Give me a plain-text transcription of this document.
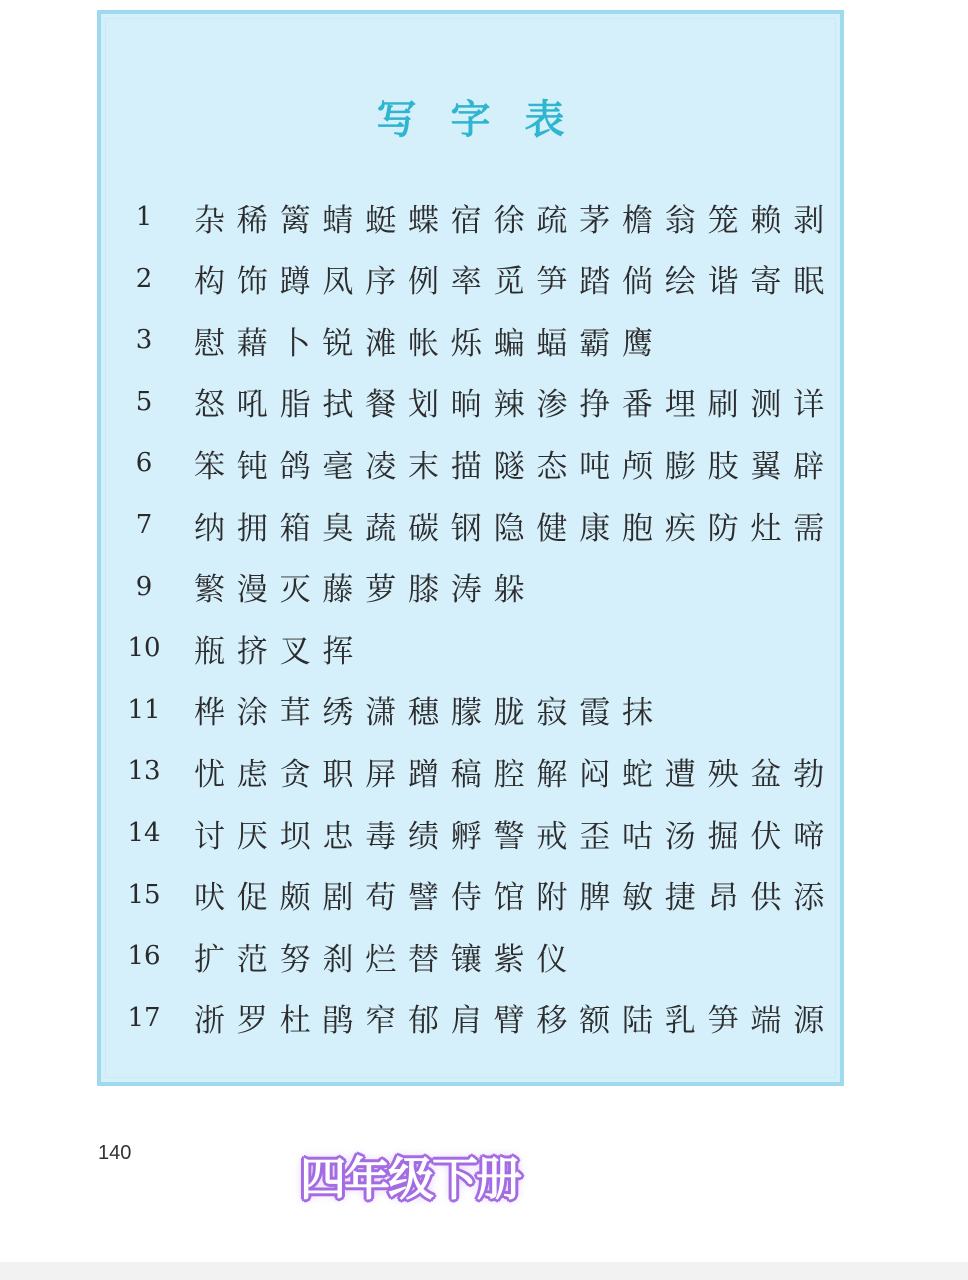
写字表
1	杂稀篱蜻蜓蝶宿徐疏茅檐翁笼赖剥
2	构饰蹲凤序例率觅笋踏倘绘谐寄眠
3	慰藉卜锐滩帐烁蝙蝠霸鹰
5	怒吼脂拭餐划晌辣渗挣番埋刷测详
6	笨钝鸽毫凌末描隧态吨颅膨肢翼辟
7	纳拥箱臭蔬碳钢隐健康胞疾防灶需
9	繁漫灭藤萝膝涛躲
10	瓶挤叉挥
11	桦涂茸绣潇穗朦胧寂霞抹
13	忧虑贪职屏蹭稿腔解闷蛇遭殃盆勃
14	讨厌坝忠毒绩孵警戒歪咕汤掘伏啼
15	吠促颇剧苟譬侍馆附脾敏捷昂供添
16	扩范努刹烂替镶紫仪
17	浙罗杜鹃窄郁肩臂移额陆乳笋端源
140	四年级下册
